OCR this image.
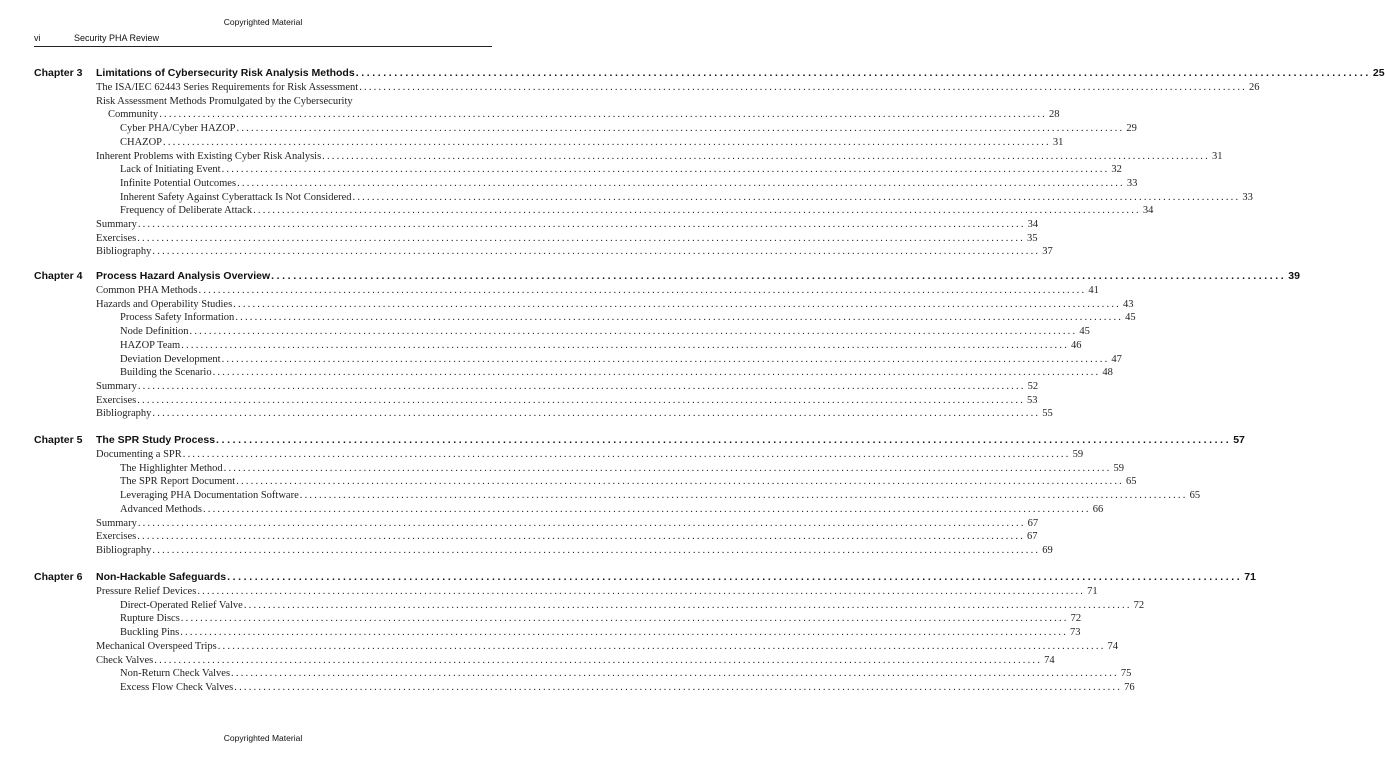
Copyrighted Material
vi	Security PHA Review
Chapter 3 Limitations of Cybersecurity Risk Analysis Methods ........................................................................................................................................................................................ 25
The ISA/IEC 62443 Series Requirements for Risk Assessment ........................................................................................................................................................................................ 26
Risk Assessment Methods Promulgated by the Cybersecurity
Community ........................................................................................................................................................................................ 28
Cyber PHA/Cyber HAZOP ........................................................................................................................................................................................ 29
CHAZOP ........................................................................................................................................................................................ 31
Inherent Problems with Existing Cyber Risk Analysis ........................................................................................................................................................................................ 31
Lack of Initiating Event ........................................................................................................................................................................................ 32
Infinite Potential Outcomes ........................................................................................................................................................................................ 33
Inherent Safety Against Cyberattack Is Not Considered ........................................................................................................................................................................................ 33
Frequency of Deliberate Attack ........................................................................................................................................................................................ 34
Summary ........................................................................................................................................................................................ 34
Exercises ........................................................................................................................................................................................ 35
Bibliography ........................................................................................................................................................................................ 37
Chapter 4 Process Hazard Analysis Overview ........................................................................................................................................................................................ 39
Common PHA Methods ........................................................................................................................................................................................ 41
Hazards and Operability Studies ........................................................................................................................................................................................ 43
Process Safety Information ........................................................................................................................................................................................ 45
Node Definition ........................................................................................................................................................................................ 45
HAZOP Team ........................................................................................................................................................................................ 46
Deviation Development ........................................................................................................................................................................................ 47
Building the Scenario ........................................................................................................................................................................................ 48
Summary ........................................................................................................................................................................................ 52
Exercises ........................................................................................................................................................................................ 53
Bibliography ........................................................................................................................................................................................ 55
Chapter 5 The SPR Study Process ........................................................................................................................................................................................ 57
Documenting a SPR ........................................................................................................................................................................................ 59
The Highlighter Method ........................................................................................................................................................................................ 59
The SPR Report Document ........................................................................................................................................................................................ 65
Leveraging PHA Documentation Software ........................................................................................................................................................................................ 65
Advanced Methods ........................................................................................................................................................................................ 66
Summary ........................................................................................................................................................................................ 67
Exercises ........................................................................................................................................................................................ 67
Bibliography ........................................................................................................................................................................................ 69
Chapter 6 Non-Hackable Safeguards ........................................................................................................................................................................................ 71
Pressure Relief Devices ........................................................................................................................................................................................ 71
Direct-Operated Relief Valve ........................................................................................................................................................................................ 72
Rupture Discs ........................................................................................................................................................................................ 72
Buckling Pins ........................................................................................................................................................................................ 73
Mechanical Overspeed Trips ........................................................................................................................................................................................ 74
Check Valves ........................................................................................................................................................................................ 74
Non-Return Check Valves ........................................................................................................................................................................................ 75
Excess Flow Check Valves ........................................................................................................................................................................................ 76
Copyrighted Material
